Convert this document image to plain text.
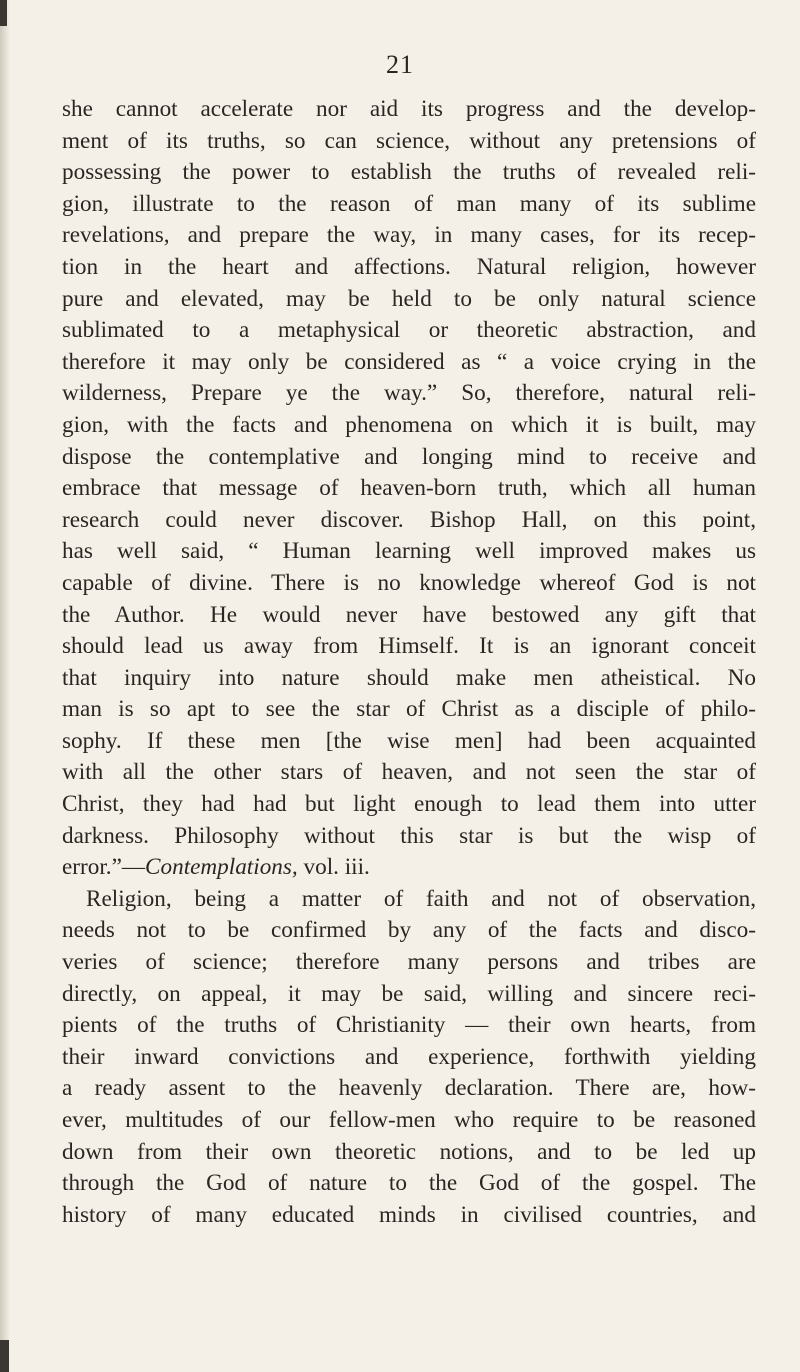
21
she cannot accelerate nor aid its progress and the develop-
ment of its truths, so can science, without any pretensions of
possessing the power to establish the truths of revealed reli-
gion, illustrate to the reason of man many of its sublime
revelations, and prepare the way, in many cases, for its recep-
tion in the heart and affections. Natural religion, however
pure and elevated, may be held to be only natural science
sublimated to a metaphysical or theoretic abstraction, and
therefore it may only be considered as “ a voice crying in the
wilderness, Prepare ye the way.” So, therefore, natural reli-
gion, with the facts and phenomena on which it is built, may
dispose the contemplative and longing mind to receive and
embrace that message of heaven-born truth, which all human
research could never discover. Bishop Hall, on this point,
has well said, “ Human learning well improved makes us
capable of divine. There is no knowledge whereof God is not
the Author. He would never have bestowed any gift that
should lead us away from Himself. It is an ignorant conceit
that inquiry into nature should make men atheistical. No
man is so apt to see the star of Christ as a disciple of philo-
sophy. If these men [the wise men] had been acquainted
with all the other stars of heaven, and not seen the star of
Christ, they had had but light enough to lead them into utter
darkness. Philosophy without this star is but the wisp of
error.”—Contemplations, vol. iii.
Religion, being a matter of faith and not of observation,
needs not to be confirmed by any of the facts and disco-
veries of science; therefore many persons and tribes are
directly, on appeal, it may be said, willing and sincere reci-
pients of the truths of Christianity — their own hearts, from
their inward convictions and experience, forthwith yielding
a ready assent to the heavenly declaration. There are, how-
ever, multitudes of our fellow-men who require to be reasoned
down from their own theoretic notions, and to be led up
through the God of nature to the God of the gospel. The
history of many educated minds in civilised countries, and
